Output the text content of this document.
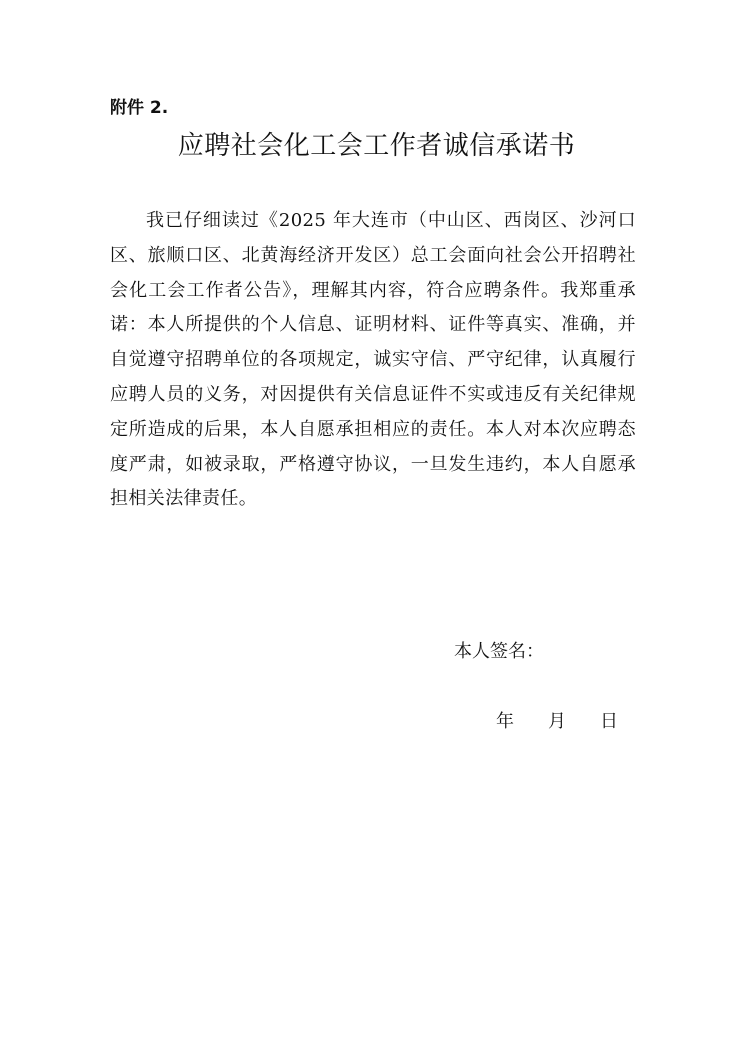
附件 2.
应聘社会化工会工作者诚信承诺书

我已仔细读过《2025 年大连市（中山区、西岗区、沙河口区、旅顺口区、北黄海经济开发区）总工会面向社会公开招聘社会化工会工作者公告》，理解其内容，符合应聘条件。我郑重承诺：本人所提供的个人信息、证明材料、证件等真实、准确，并自觉遵守招聘单位的各项规定，诚实守信、严守纪律，认真履行应聘人员的义务，对因提供有关信息证件不实或违反有关纪律规定所造成的后果，本人自愿承担相应的责任。本人对本次应聘态度严肃，如被录取，严格遵守协议，一旦发生违约，本人自愿承担相关法律责任。

本人签名：
年 月 日
